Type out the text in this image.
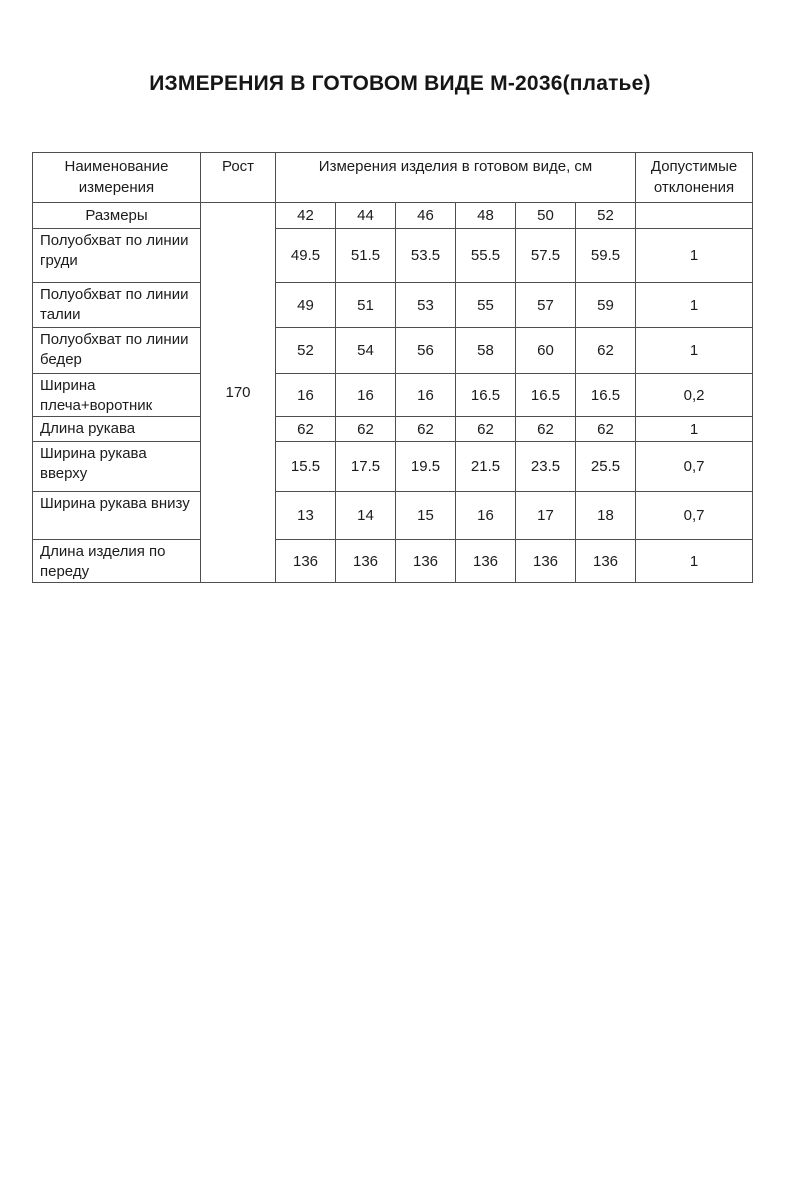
ИЗМЕРЕНИЯ В ГОТОВОМ ВИДЕ М-2036(платье)
Наименование измерения	Рост	Измерения изделия в готовом виде, см						Допустимые отклонения
Размеры	170	42	44	46	48	50	52	
Полуобхват по линии груди		49.5	51.5	53.5	55.5	57.5	59.5	1
Полуобхват по линии талии		49	51	53	55	57	59	1
Полуобхват по линии бедер		52	54	56	58	60	62	1
Ширина плеча+воротник		16	16	16	16.5	16.5	16.5	0,2
Длина рукава		62	62	62	62	62	62	1
Ширина рукава вверху		15.5	17.5	19.5	21.5	23.5	25.5	0,7
Ширина рукава внизу		13	14	15	16	17	18	0,7
Длина изделия по переду		136	136	136	136	136	136	1
